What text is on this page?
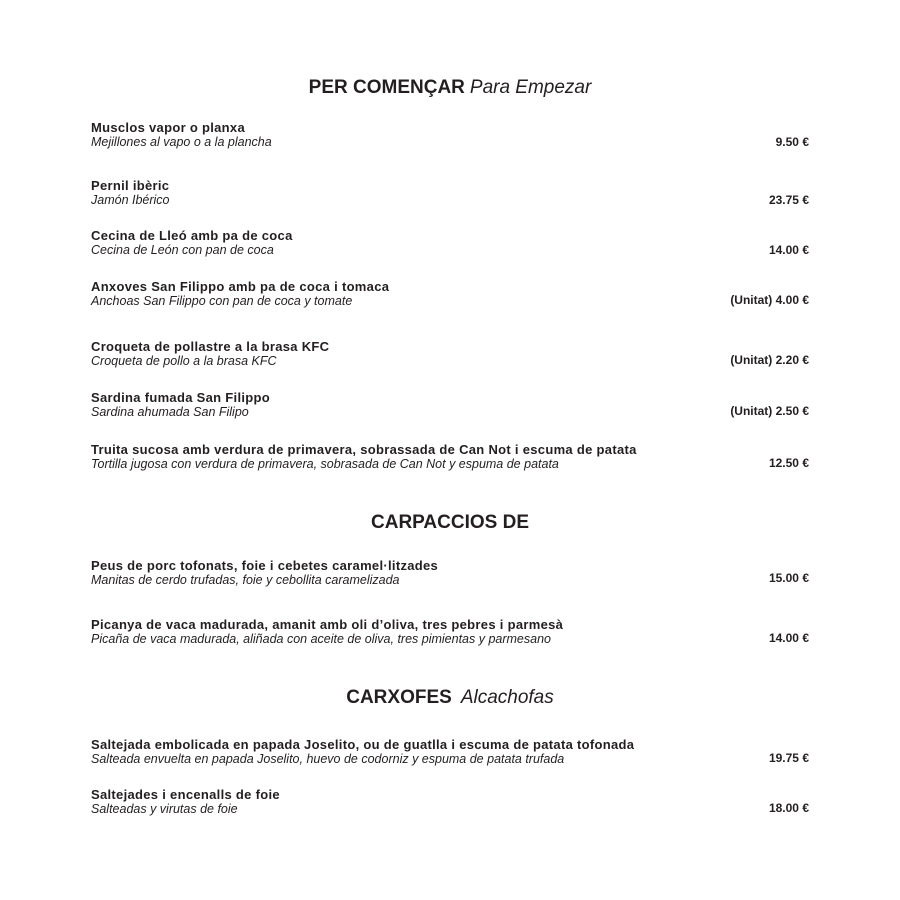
PER COMENÇAR Para Empezar
Musclos vapor o planxa
Mejillones al vapo o a la plancha	9.50 €
Pernil ibèric
Jamón Ibérico	23.75 €
Cecina de Lleó amb pa de coca
Cecina de León con pan de coca	14.00 €
Anxoves San Filippo amb pa de coca i tomaca
Anchoas San Filippo con pan de coca y tomate	(Unitat) 4.00 €
Croqueta de pollastre a la brasa KFC
Croqueta de pollo a la brasa KFC	(Unitat) 2.20 €
Sardina fumada San Filippo
Sardina ahumada San Filipo	(Unitat) 2.50 €
Truita sucosa amb verdura de primavera, sobrassada de Can Not i escuma de patata
Tortilla jugosa con verdura de primavera, sobrasada de Can Not y espuma de patata	12.50 €
CARPACCIOS DE
Peus de porc tofonats, foie i cebetes caramel·litzades
Manitas de cerdo trufadas, foie y cebollita caramelizada	15.00 €
Picanya de vaca madurada, amanit amb oli d’oliva, tres pebres i parmesà
Picaña de vaca madurada, aliñada con aceite de oliva, tres pimientas y parmesano	14.00 €
CARXOFES Alcachofas
Saltejada embolicada en papada Joselito, ou de guatlla i escuma de patata tofonada
Salteada envuelta en papada Joselito, huevo de codorniz y espuma de patata trufada	19.75 €
Saltejades i encenalls de foie
Salteadas y virutas de foie	18.00 €
